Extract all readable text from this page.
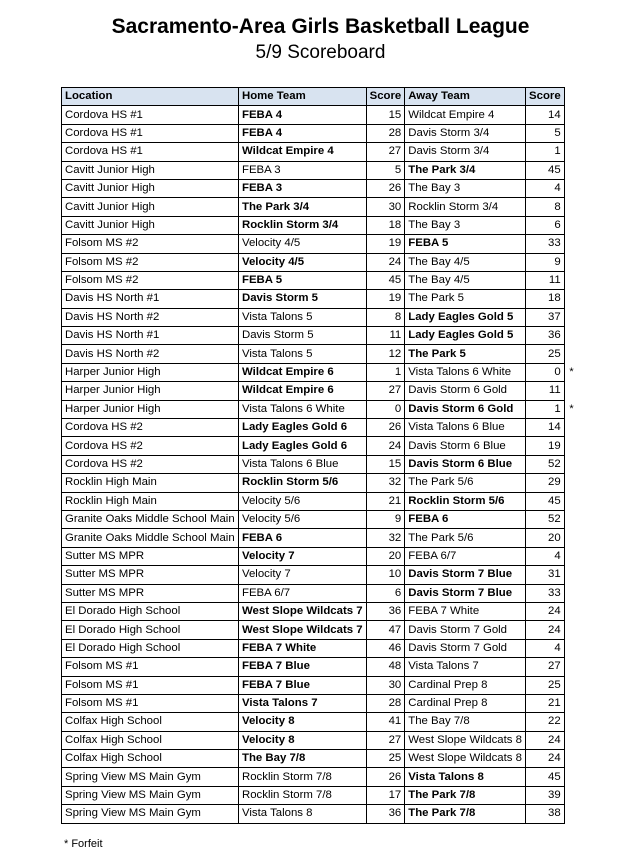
Sacramento-Area Girls Basketball League
5/9 Scoreboard
Location	Home Team	Score	Away Team	Score
Cordova HS #1	FEBA 4	15	Wildcat Empire 4	14
Cordova HS #1	FEBA 4	28	Davis Storm 3/4	5
Cordova HS #1	Wildcat Empire 4	27	Davis Storm 3/4	1
Cavitt Junior High	FEBA 3	5	The Park 3/4	45
Cavitt Junior High	FEBA 3	26	The Bay 3	4
Cavitt Junior High	The Park 3/4	30	Rocklin Storm 3/4	8
Cavitt Junior High	Rocklin Storm 3/4	18	The Bay 3	6
Folsom MS #2	Velocity 4/5	19	FEBA 5	33
Folsom MS #2	Velocity 4/5	24	The Bay 4/5	9
Folsom MS #2	FEBA 5	45	The Bay 4/5	11
Davis HS North #1	Davis Storm 5	19	The Park 5	18
Davis HS North #2	Vista Talons 5	8	Lady Eagles Gold 5	37
Davis HS North #1	Davis Storm 5	11	Lady Eagles Gold 5	36
Davis HS North #2	Vista Talons 5	12	The Park 5	25
Harper Junior High	Wildcat Empire 6	1	Vista Talons 6 White	0 *

Harper Junior High	Wildcat Empire 6	27	Davis Storm 6 Gold	11
Harper Junior High	Vista Talons 6 White	0	Davis Storm 6 Gold	1 *

Cordova HS #2	Lady Eagles Gold 6	26	Vista Talons 6 Blue	14
Cordova HS #2	Lady Eagles Gold 6	24	Davis Storm 6 Blue	19
Cordova HS #2	Vista Talons 6 Blue	15	Davis Storm 6 Blue	52
Rocklin High Main	Rocklin Storm 5/6	32	The Park 5/6	29
Rocklin High Main	Velocity 5/6	21	Rocklin Storm 5/6	45
Granite Oaks Middle School Main	Velocity 5/6	9	FEBA 6	52
Granite Oaks Middle School Main	FEBA 6	32	The Park 5/6	20
Sutter MS MPR	Velocity 7	20	FEBA 6/7	4
Sutter MS MPR	Velocity 7	10	Davis Storm 7 Blue	31
Sutter MS MPR	FEBA 6/7	6	Davis Storm 7 Blue	33
El Dorado High School	West Slope Wildcats 7	36	FEBA 7 White	24
El Dorado High School	West Slope Wildcats 7	47	Davis Storm 7 Gold	24
El Dorado High School	FEBA 7 White	46	Davis Storm 7 Gold	4
Folsom MS #1	FEBA 7 Blue	48	Vista Talons 7	27
Folsom MS #1	FEBA 7 Blue	30	Cardinal Prep 8	25
Folsom MS #1	Vista Talons 7	28	Cardinal Prep 8	21
Colfax High School	Velocity 8	41	The Bay 7/8	22
Colfax High School	Velocity 8	27	West Slope Wildcats 8	24
Colfax High School	The Bay 7/8	25	West Slope Wildcats 8	24
Spring View MS Main Gym	Rocklin Storm 7/8	26	Vista Talons 8	45
Spring View MS Main Gym	Rocklin Storm 7/8	17	The Park 7/8	39
Spring View MS Main Gym	Vista Talons 8	36	The Park 7/8	38
* Forfeit
